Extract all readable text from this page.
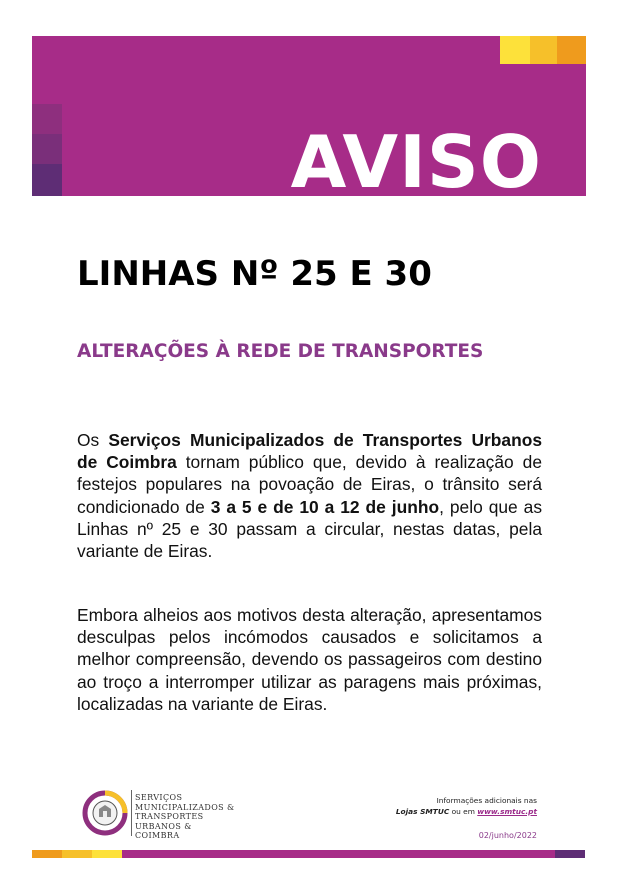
AVISO
LINHAS Nº 25 E 30
ALTERAÇÕES À REDE DE TRANSPORTES

Os Serviços Municipalizados de Transportes Urbanos de Coimbra tornam público que, devido à realização de festejos populares na povoação de Eiras, o trânsito será condicionado de 3 a 5 e de 10 a 12 de junho, pelo que as Linhas nº 25 e 30 passam a circular, nestas datas, pela variante de Eiras.

Embora alheios aos motivos desta alteração, apresentamos desculpas pelos incómodos causados e solicitamos a melhor compreensão, devendo os passageiros com destino ao troço a interromper utilizar as paragens mais próximas, localizadas na variante de Eiras.

SERVIÇOS
MUNICIPALIZADOS &
TRANSPORTES
URBANOS &
COIMBRA
Informações adicionais nas
Lojas SMTUC ou em www.smtuc.pt
02/junho/2022
